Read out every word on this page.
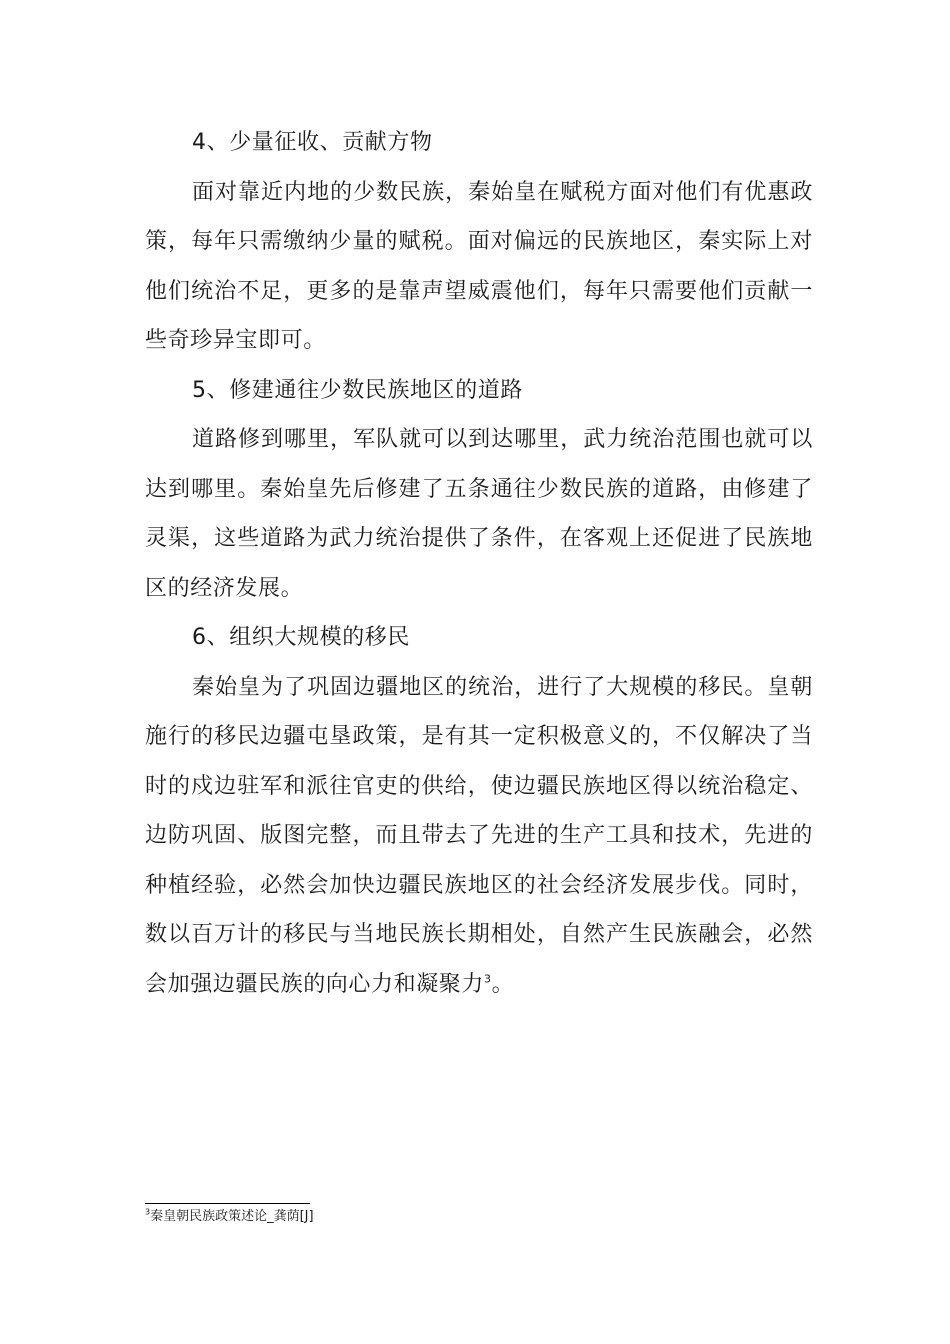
4、少量征收、贡献方物

面对靠近内地的少数民族，秦始皇在赋税方面对他们有优惠政策，每年只需缴纳少量的赋税。面对偏远的民族地区，秦实际上对他们统治不足，更多的是靠声望威震他们，每年只需要他们贡献一些奇珍异宝即可。

5、修建通往少数民族地区的道路

道路修到哪里，军队就可以到达哪里，武力统治范围也就可以达到哪里。秦始皇先后修建了五条通往少数民族的道路，由修建了灵渠，这些道路为武力统治提供了条件，在客观上还促进了民族地区的经济发展。

6、组织大规模的移民

秦始皇为了巩固边疆地区的统治，进行了大规模的移民。皇朝施行的移民边疆屯垦政策，是有其一定积极意义的，不仅解决了当时的戍边驻军和派往官吏的供给，使边疆民族地区得以统治稳定、边防巩固、版图完整，而且带去了先进的生产工具和技术，先进的种植经验，必然会加快边疆民族地区的社会经济发展步伐。同时，数以百万计的移民与当地民族长期相处，自然产生民族融会，必然会加强边疆民族的向心力和凝聚力$^3$。

$^3$秦皇朝民族政策述论_龚荫[J]
